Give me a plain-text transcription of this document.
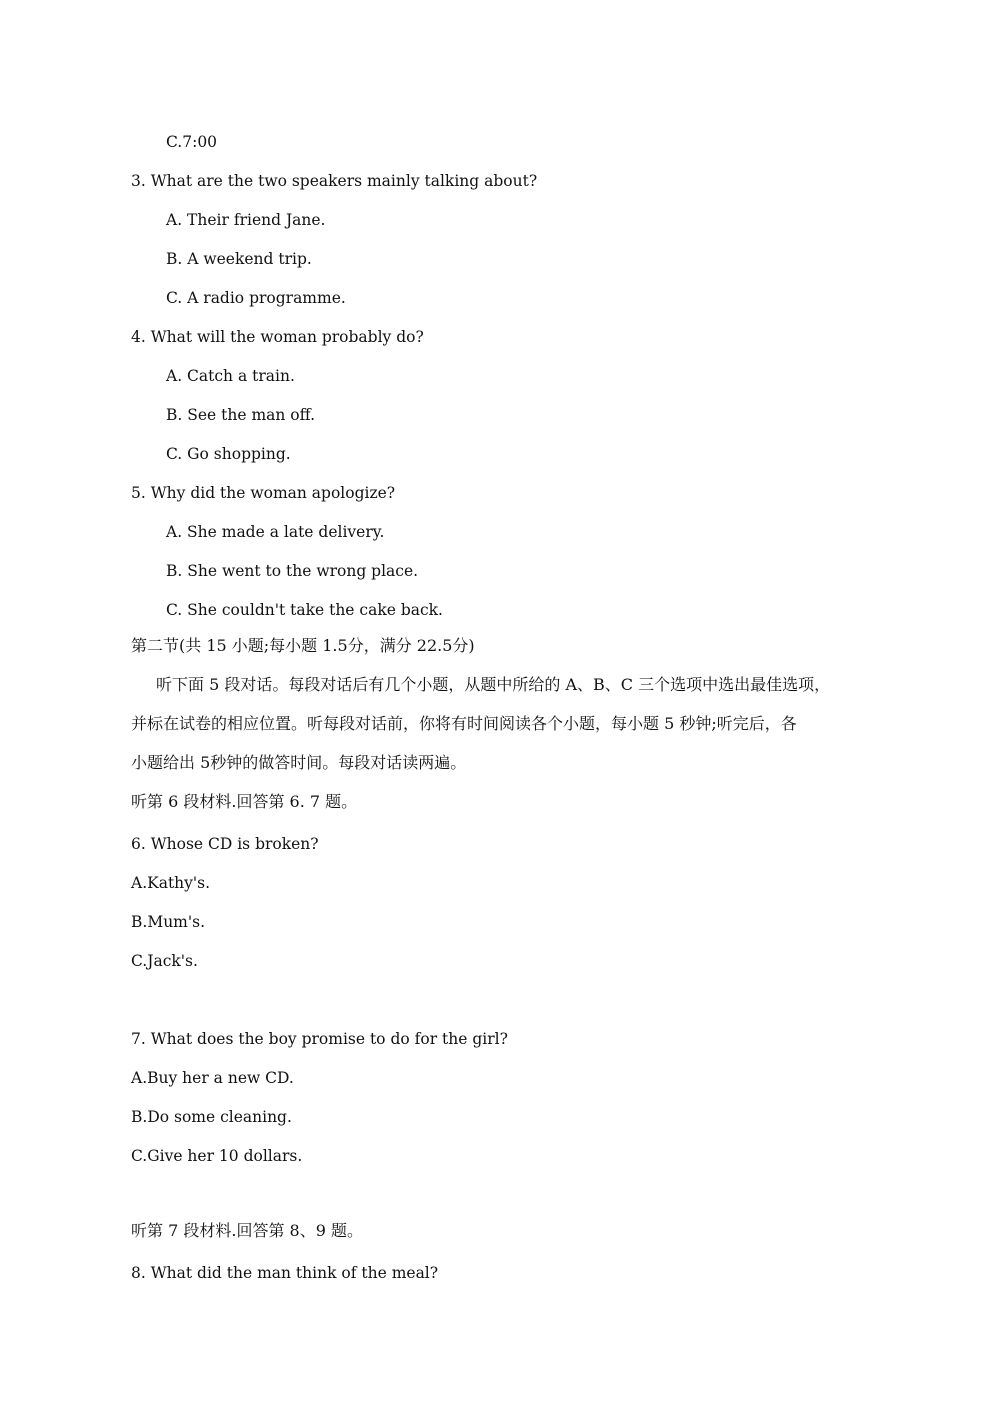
C.7:00
3. What are the two speakers mainly talking about?
A. Their friend Jane.
B. A weekend trip.
C. A radio programme.
4. What will the woman probably do?
A. Catch a train.
B. See the man off.
C. Go shopping.
5. Why did the woman apologize?
A. She made a late delivery.
B. She went to the wrong place.
C. She couldn't take the cake back.
第二节(共 15 小题;每小题 1.5分，满分 22.5分)
听下面 5 段对话。每段对话后有几个小题，从题中所给的 A、B、C 三个选项中选出最佳选项，
并标在试卷的相应位置。听每段对话前，你将有时间阅读各个小题，每小题 5 秒钟;听完后，各
小题给出 5秒钟的做答时间。每段对话读两遍。
听第 6 段材料.回答第 6. 7 题。
6. Whose CD is broken?
A.Kathy's.
B.Mum's.
C.Jack's.
7. What does the boy promise to do for the girl?
A.Buy her a new CD.
B.Do some cleaning.
C.Give her 10 dollars.
听第 7 段材料.回答第 8、9 题。
8. What did the man think of the meal?
